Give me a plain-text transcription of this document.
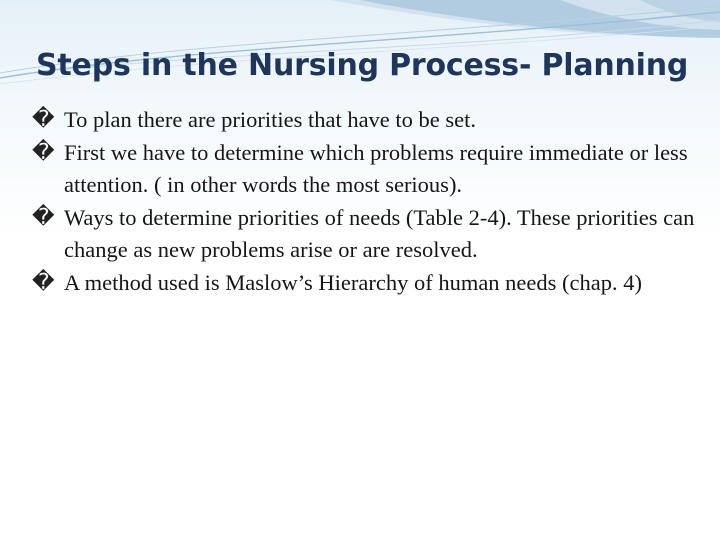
Steps in the Nursing Process- Planning
� To plan there are priorities that have to be set.
� First we have to determine which problems require immediate or less attention. ( in other words the most serious).
� Ways to determine priorities of needs (Table 2-4). These priorities can change as new problems arise or are resolved.
� A method used is Maslow’s Hierarchy of human needs (chap. 4)
